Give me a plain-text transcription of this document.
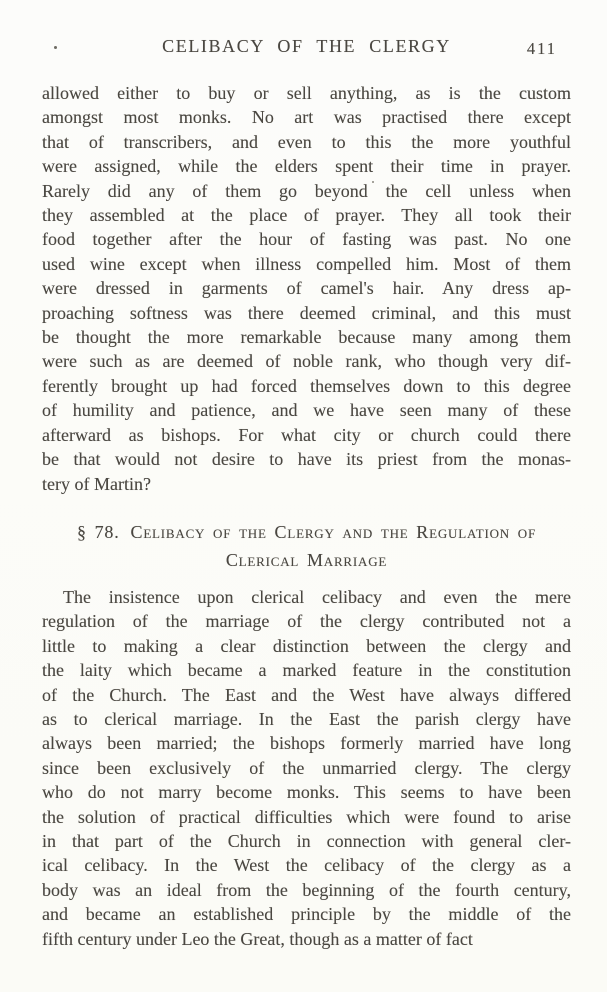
CELIBACY OF THE CLERGY	411
allowed either to buy or sell anything, as is the custom
amongst most monks. No art was practised there except
that of transcribers, and even to this the more youthful
were assigned, while the elders spent their time in prayer.
Rarely did any of them go beyond the cell unless when
they assembled at the place of prayer. They all took their
food together after the hour of fasting was past. No one
used wine except when illness compelled him. Most of them
were dressed in garments of camel's hair. Any dress ap-
proaching softness was there deemed criminal, and this must
be thought the more remarkable because many among them
were such as are deemed of noble rank, who though very dif-
ferently brought up had forced themselves down to this degree
of humility and patience, and we have seen many of these
afterward as bishops. For what city or church could there
be that would not desire to have its priest from the monas-
tery of Martin?
§ 78. Celibacy of the Clergy and the Regulation of
Clerical Marriage
The insistence upon clerical celibacy and even the mere
regulation of the marriage of the clergy contributed not a
little to making a clear distinction between the clergy and
the laity which became a marked feature in the constitution
of the Church. The East and the West have always differed
as to clerical marriage. In the East the parish clergy have
always been married; the bishops formerly married have long
since been exclusively of the unmarried clergy. The clergy
who do not marry become monks. This seems to have been
the solution of practical difficulties which were found to arise
in that part of the Church in connection with general cler-
ical celibacy. In the West the celibacy of the clergy as a
body was an ideal from the beginning of the fourth century,
and became an established principle by the middle of the
fifth century under Leo the Great, though as a matter of fact
